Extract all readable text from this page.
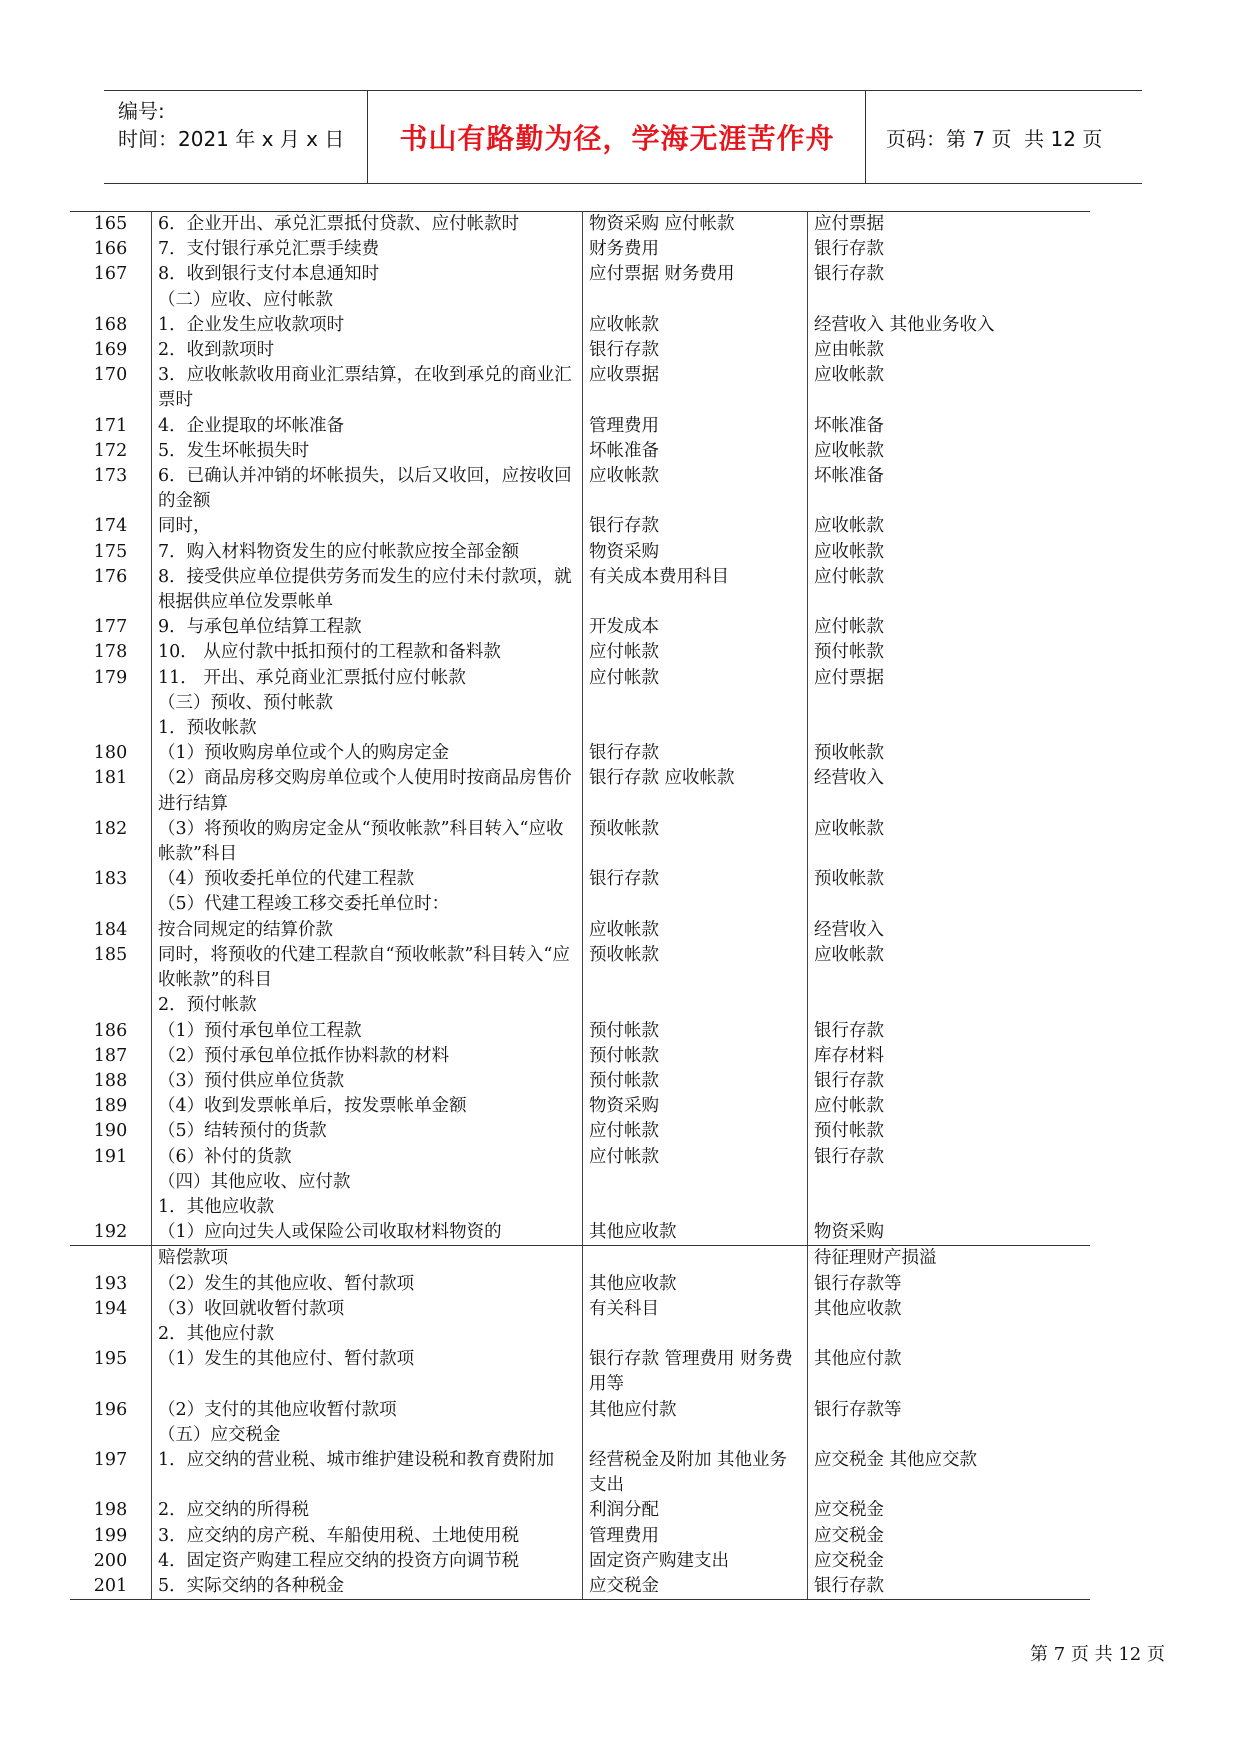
编号:
时间：2021 年 x 月 x 日	书山有路勤为径，学海无涯苦作舟	页码：第 7 页  共 12 页
165	6．企业开出、承兑汇票抵付贷款、应付帐款时	物资采购 应付帐款	应付票据
166	7．支付银行承兑汇票手续费	财务费用	银行存款
167	8．收到银行支付本息通知时	应付票据 财务费用	银行存款
	（二）应收、应付帐款		
168	1．企业发生应收款项时	应收帐款	经营收入 其他业务收入
169	2．收到款项时	银行存款	应由帐款
170	3．应收帐款收用商业汇票结算，在收到承兑的商业汇票时	应收票据	应收帐款
171	4．企业提取的坏帐准备	管理费用	坏帐准备
172	5．发生坏帐损失时	坏帐准备	应收帐款
173	6．已确认并冲销的坏帐损失，以后又收回，应按收回的金额	应收帐款	坏帐准备
174	同时，	银行存款	应收帐款
175	7．购入材料物资发生的应付帐款应按全部金额	物资采购	应收帐款
176	8．接受供应单位提供劳务而发生的应付未付款项，就根据供应单位发票帐单	有关成本费用科目	应付帐款
177	9．与承包单位结算工程款	开发成本	应付帐款
178	10． 从应付款中抵扣预付的工程款和备料款	应付帐款	预付帐款
179	11． 开出、承兑商业汇票抵付应付帐款	应付帐款	应付票据
	（三）预收、预付帐款		
	1．预收帐款		
180	（1）预收购房单位或个人的购房定金	银行存款	预收帐款
181	（2）商品房移交购房单位或个人使用时按商品房售价进行结算	银行存款 应收帐款	经营收入
182	（3）将预收的购房定金从“预收帐款”科目转入“应收帐款”科目	预收帐款	应收帐款
183	（4）预收委托单位的代建工程款	银行存款	预收帐款
	（5）代建工程竣工移交委托单位时：		
184	按合同规定的结算价款	应收帐款	经营收入
185	同时，将预收的代建工程款自“预收帐款”科目转入“应收帐款”的科目	预收帐款	应收帐款
	2．预付帐款		
186	（1）预付承包单位工程款	预付帐款	银行存款
187	（2）预付承包单位抵作协料款的材料	预付帐款	库存材料
188	（3）预付供应单位货款	预付帐款	银行存款
189	（4）收到发票帐单后，按发票帐单金额	物资采购	应付帐款
190	（5）结转预付的货款	应付帐款	预付帐款
191	（6）补付的货款	应付帐款	银行存款
	（四）其他应收、应付款		
	1．其他应收款		
192	（1）应向过失人或保险公司收取材料物资的	其他应收款	物资采购
	赔偿款项		待征理财产损溢
193	（2）发生的其他应收、暂付款项	其他应收款	银行存款等
194	（3）收回就收暂付款项	有关科目	其他应收款
	2．其他应付款		
195	（1）发生的其他应付、暂付款项	银行存款 管理费用 财务费用等	其他应付款
196	（2）支付的其他应收暂付款项	其他应付款	银行存款等
	（五）应交税金		
197	1．应交纳的营业税、城市维护建设税和教育费附加	经营税金及附加 其他业务支出	应交税金 其他应交款
198	2．应交纳的所得税	利润分配	应交税金
199	3．应交纳的房产税、车船使用税、土地使用税	管理费用	应交税金
200	4．固定资产购建工程应交纳的投资方向调节税	固定资产购建支出	应交税金
201	5．实际交纳的各种税金	应交税金	银行存款
第 7 页 共 12 页
